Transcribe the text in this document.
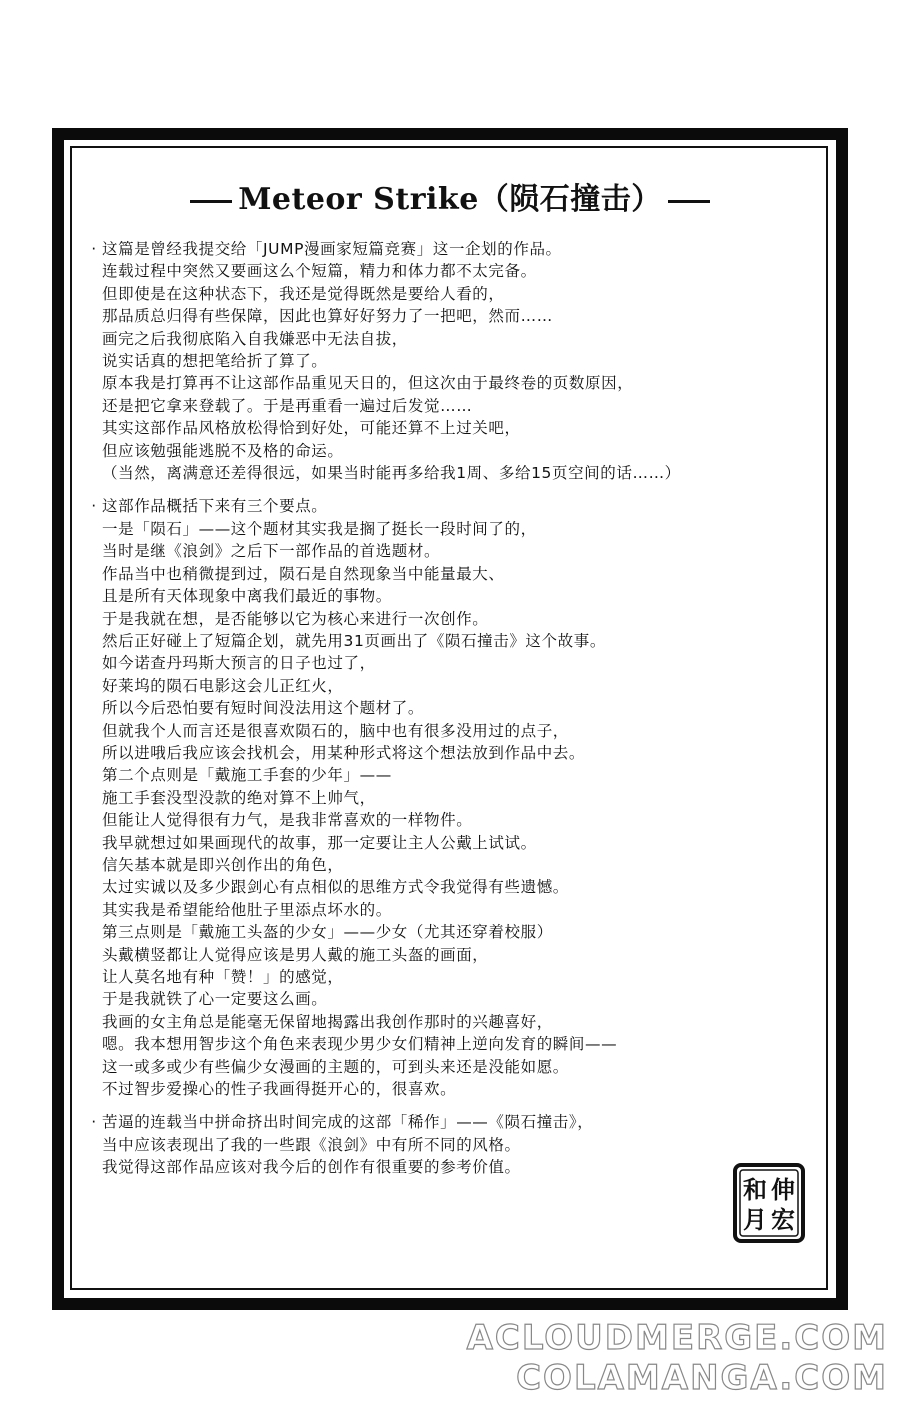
Meteor Strike（陨石撞击）
· 这篇是曾经我提交给「JUMP漫画家短篇竞赛」这一企划的作品。
连载过程中突然又要画这么个短篇，精力和体力都不太完备。
但即使是在这种状态下，我还是觉得既然是要给人看的，
那品质总归得有些保障，因此也算好好努力了一把吧，然而……
画完之后我彻底陷入自我嫌恶中无法自拔，
说实话真的想把笔给折了算了。
原本我是打算再不让这部作品重见天日的，但这次由于最终卷的页数原因，
还是把它拿来登载了。于是再重看一遍过后发觉……
其实这部作品风格放松得恰到好处，可能还算不上过关吧，
但应该勉强能逃脱不及格的命运。
（当然，离满意还差得很远，如果当时能再多给我1周、多给15页空间的话……）
· 这部作品概括下来有三个要点。
一是「陨石」——这个题材其实我是搁了挺长一段时间了的，
当时是继《浪剑》之后下一部作品的首选题材。
作品当中也稍微提到过，陨石是自然现象当中能量最大、
且是所有天体现象中离我们最近的事物。
于是我就在想，是否能够以它为核心来进行一次创作。
然后正好碰上了短篇企划，就先用31页画出了《陨石撞击》这个故事。
如今诺查丹玛斯大预言的日子也过了，
好莱坞的陨石电影这会儿正红火，
所以今后恐怕要有短时间没法用这个题材了。
但就我个人而言还是很喜欢陨石的，脑中也有很多没用过的点子，
所以进哦后我应该会找机会，用某种形式将这个想法放到作品中去。
第二个点则是「戴施工手套的少年」——
施工手套没型没款的绝对算不上帅气，
但能让人觉得很有力气，是我非常喜欢的一样物件。
我早就想过如果画现代的故事，那一定要让主人公戴上试试。
信矢基本就是即兴创作出的角色，
太过实诚以及多少跟剑心有点相似的思维方式令我觉得有些遗憾。
其实我是希望能给他肚子里添点坏水的。
第三点则是「戴施工头盔的少女」——少女（尤其还穿着校服）
头戴横竖都让人觉得应该是男人戴的施工头盔的画面，
让人莫名地有种「赞！」的感觉，
于是我就铁了心一定要这么画。
我画的女主角总是能毫无保留地揭露出我创作那时的兴趣喜好，
嗯。我本想用智步这个角色来表现少男少女们精神上逆向发育的瞬间——
这一或多或少有些偏少女漫画的主题的，可到头来还是没能如愿。
不过智步爱操心的性子我画得挺开心的，很喜欢。
· 苦逼的连载当中拼命挤出时间完成的这部「稀作」——《陨石撞击》，
当中应该表现出了我的一些跟《浪剑》中有所不同的风格。
我觉得这部作品应该对我今后的创作有很重要的参考价值。
伸
宏
和
月
ACLOUDMERGE.COM
COLAMANGA.COM
